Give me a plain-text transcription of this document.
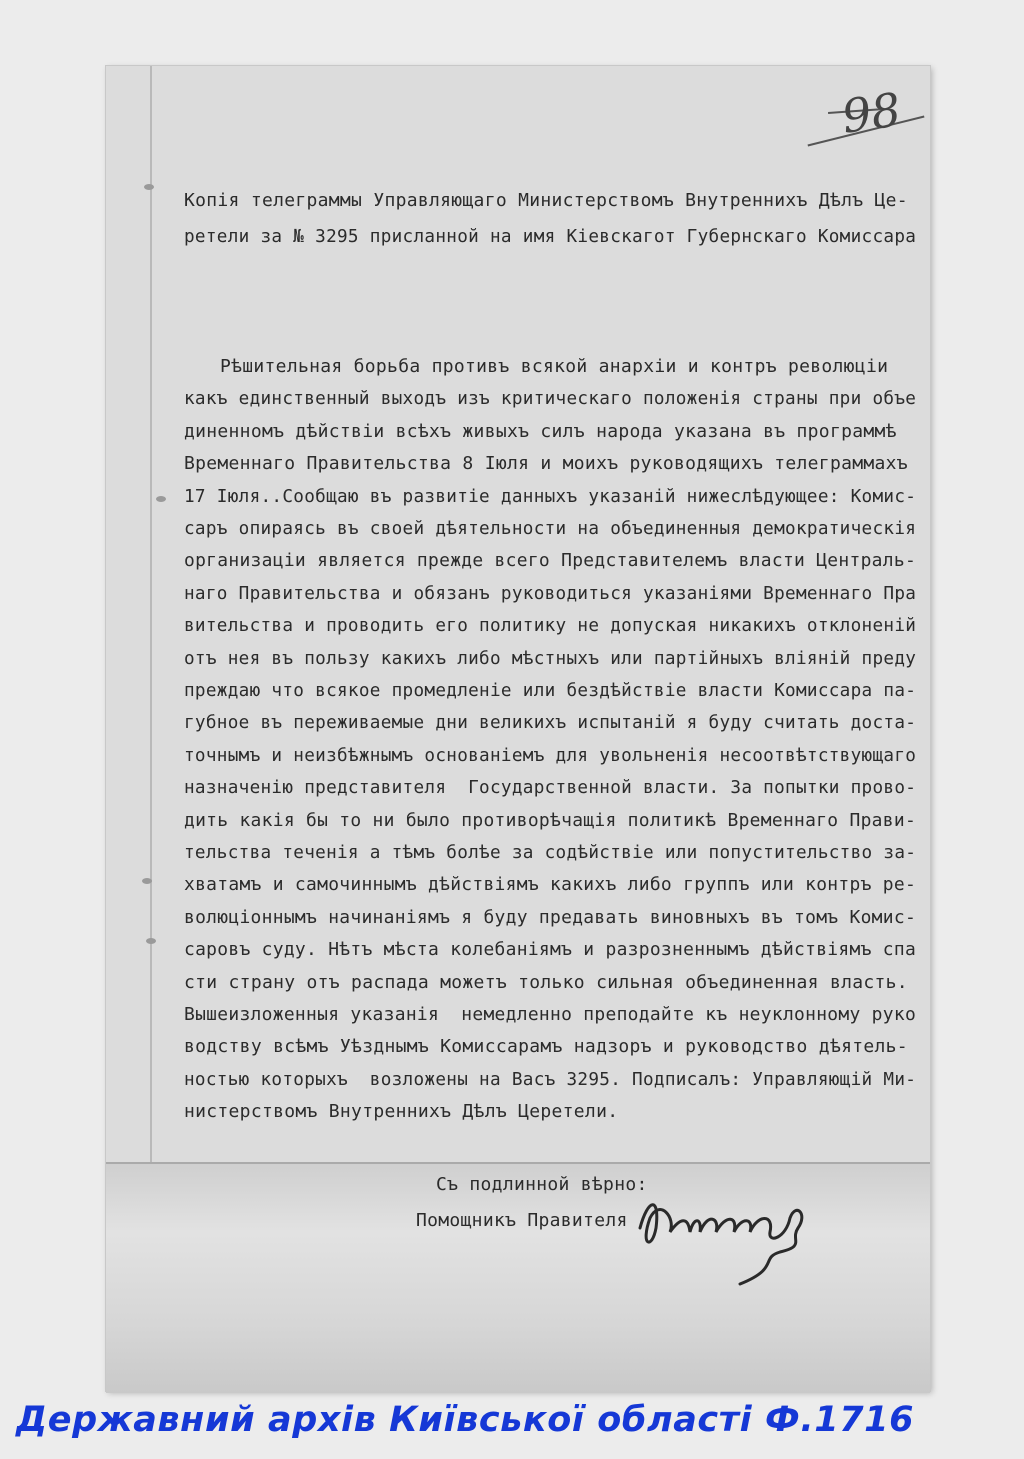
Копія телеграммы Управляющаго Министерствомъ Внутреннихъ Дѣлъ Це-
ретели за № 3295 присланной на имя Кіевскагот Губернскаго Комиссара
Рѣшительная борьба противъ всякой анархіи и контръ революціи
какъ единственный выходъ изъ критическаго положенія страны при объе
диненномъ дѣйствіи всѣхъ живыхъ силъ народа указана въ программѣ
Временнаго Правительства 8 Іюля и моихъ руководящихъ телеграммахъ
17 Іюля..Сообщаю въ развитіе данныхъ указаній нижеслѣдующее: Комис-
саръ опираясь въ своей дѣятельности на объединенныя демократическія
организаціи является прежде всего Представителемъ власти Централь-
наго Правительства и обязанъ руководиться указаніями Временнаго Пра
вительства и проводить его политику не допуская никакихъ отклоненій
отъ нея въ пользу какихъ либо мѣстныхъ или партійныхъ вліяній преду
преждаю что всякое промедленіе или бездѣйствіе власти Комиссара па-
губное въ переживаемые дни великихъ испытаній я буду считать доста-
точнымъ и неизбѣжнымъ основаніемъ для увольненія несоотвѣтствующаго
назначенію представителя  Государственной власти. За попытки прово-
дить какія бы то ни было противорѣчащія политикѣ Временнаго Прави-
тельства теченія а тѣмъ болѣе за содѣйствіе или попустительство за-
хватамъ и самочиннымъ дѣйствіямъ какихъ либо группъ или контръ ре-
волюціоннымъ начинаніямъ я буду предавать виновныхъ въ томъ Комис-
саровъ суду. Нѣтъ мѣста колебаніямъ и разрозненнымъ дѣйствіямъ спа
сти страну отъ распада можетъ только сильная объединенная власть.
Вышеизложенныя указанія  немедленно преподайте къ неуклонному руко
водству всѣмъ Уѣзднымъ Комиссарамъ надзоръ и руководство дѣятель-
ностью которыхъ  возложены на Васъ 3295. Подписалъ: Управляющій Ми-
нистерствомъ Внутреннихъ Дѣлъ Церетели.
Съ подлинной вѣрно:
Помощникъ Правителя
98
Державний архів Київської області Ф.1716
